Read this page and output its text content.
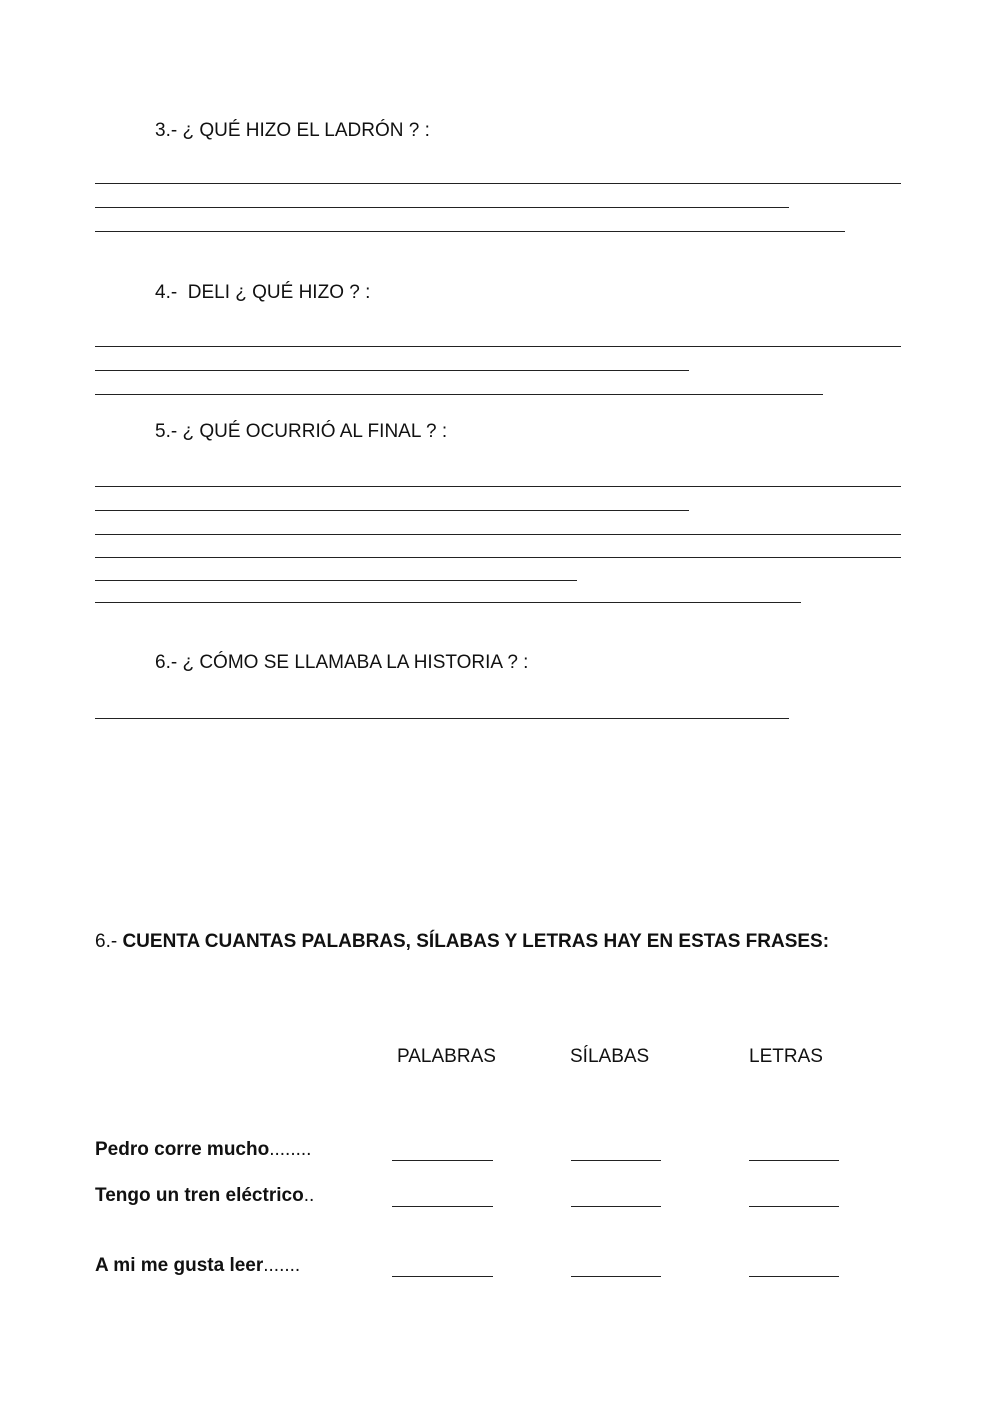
3.- ¿ QUÉ HIZO EL LADRÓN ? :
4.-  DELI ¿ QUÉ HIZO ? :
5.- ¿ QUÉ OCURRIÓ AL FINAL ? :
6.- ¿ CÓMO SE LLAMABA LA HISTORIA ? :
6.- CUENTA CUANTAS PALABRAS, SÍLABAS Y LETRAS HAY EN ESTAS FRASES:
PALABRAS	SÍLABAS	LETRAS
Pedro corre mucho........
Tengo un tren eléctrico..
A mi me gusta leer.......
